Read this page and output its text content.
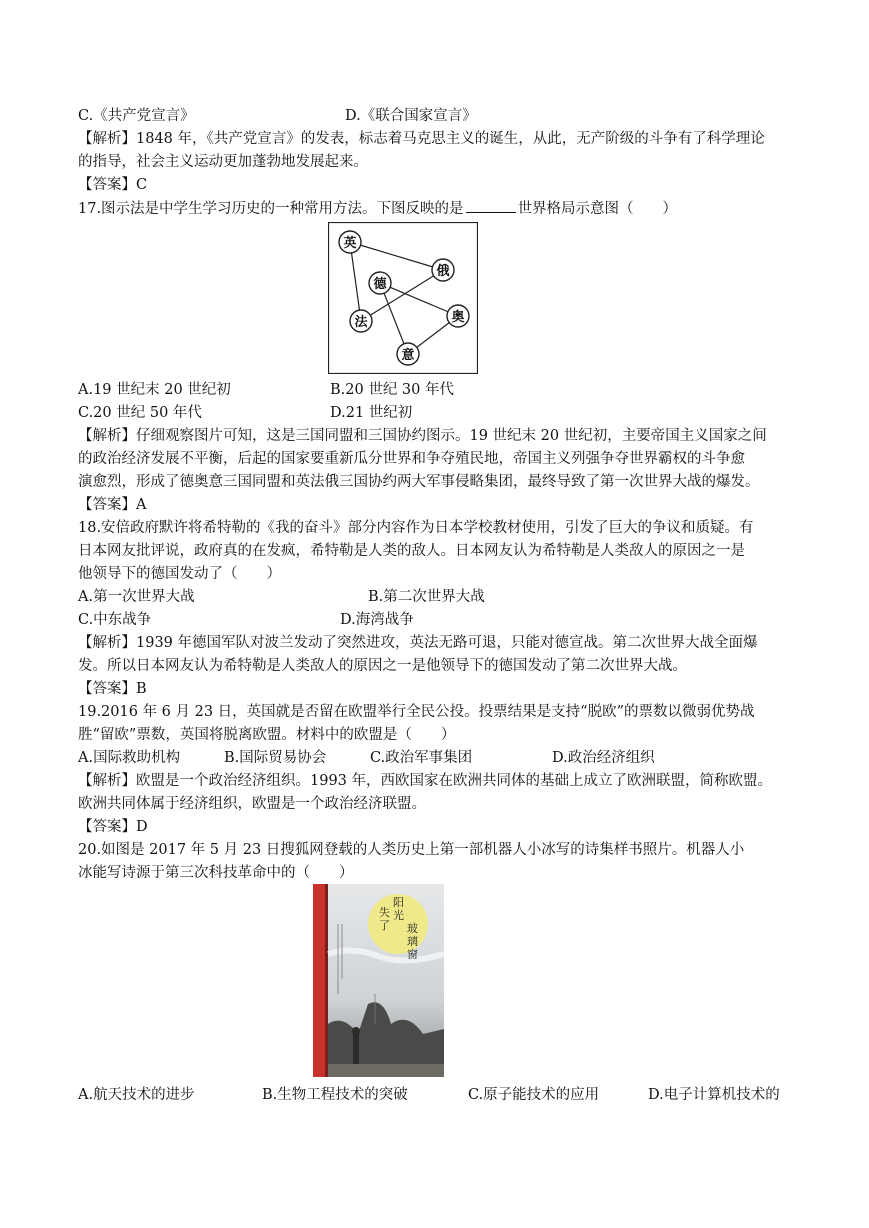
C.《共产党宣言》	D.《联合国家宣言》
【解析】1848 年，《共产党宣言》的发表，标志着马克思主义的诞生，从此，无产阶级的斗争有了科学理论
的指导，社会主义运动更加蓬勃地发展起来。
【答案】C
17.图示法是中学生学习历史的一种常用方法。下图反映的是	世界格局示意图（　　）
英
俄
德
奥
法
意
A.19 世纪末 20 世纪初	B.20 世纪 30 年代
C.20 世纪 50 年代	D.21 世纪初
【解析】仔细观察图片可知，这是三国同盟和三国协约图示。19 世纪末 20 世纪初，主要帝国主义国家之间
的政治经济发展不平衡，后起的国家要重新瓜分世界和争夺殖民地，帝国主义列强争夺世界霸权的斗争愈
演愈烈，形成了德奥意三国同盟和英法俄三国协约两大军事侵略集团，最终导致了第一次世界大战的爆发。
【答案】A
18.安倍政府默许将希特勒的《我的奋斗》部分内容作为日本学校教材使用，引发了巨大的争议和质疑。有
日本网友批评说，政府真的在发疯，希特勒是人类的敌人。日本网友认为希特勒是人类敌人的原因之一是
他领导下的德国发动了（　　）
A.第一次世界大战	B.第二次世界大战
C.中东战争	D.海湾战争
【解析】1939 年德国军队对波兰发动了突然进攻，英法无路可退，只能对德宣战。第二次世界大战全面爆
发。所以日本网友认为希特勒是人类敌人的原因之一是他领导下的德国发动了第二次世界大战。
【答案】B
19.2016 年 6 月 23 日，英国就是否留在欧盟举行全民公投。投票结果是支持“脱欧”的票数以微弱优势战
胜“留欧”票数，英国将脱离欧盟。材料中的欧盟是（　　）
A.国际救助机构	B.国际贸易协会	C.政治军事集团	D.政治经济组织
【解析】欧盟是一个政治经济组织。1993 年，西欧国家在欧洲共同体的基础上成立了欧洲联盟，简称欧盟。
欧洲共同体属于经济组织，欧盟是一个政治经济联盟。
【答案】D
20.如图是 2017 年 5 月 23 日搜狐网登载的人类历史上第一部机器人小冰写的诗集样书照片。机器人小
冰能写诗源于第三次科技革命中的（　　）
阳
光
失
了 玻
璃
窗
A.航天技术的进步	B.生物工程技术的突破	C.原子能技术的应用	D.电子计算机技术的
